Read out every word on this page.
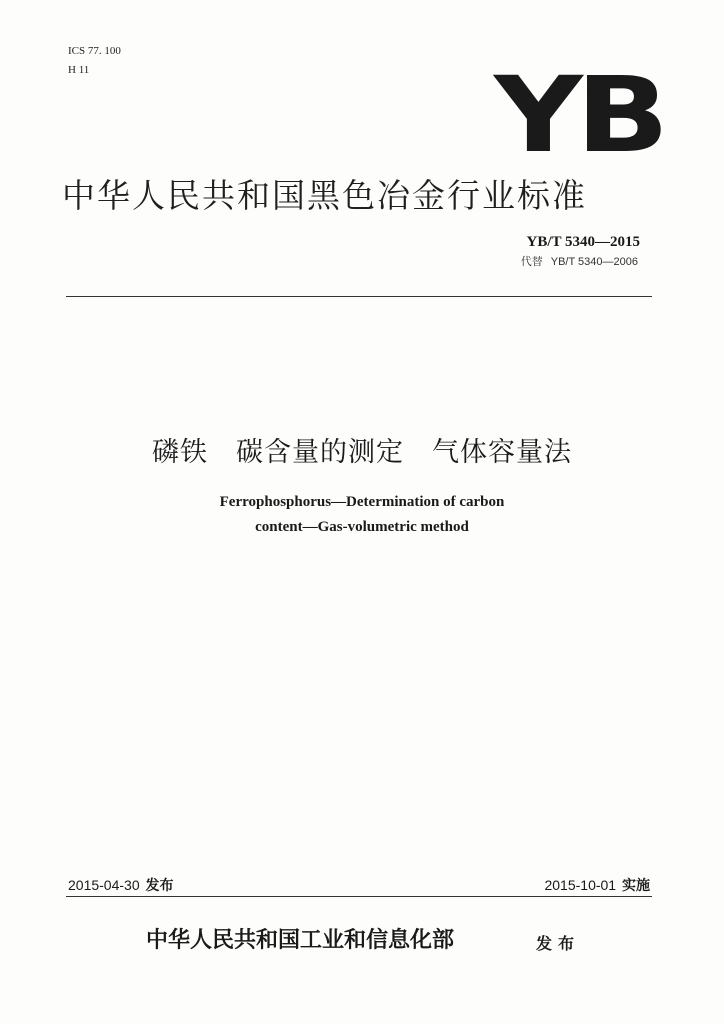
ICS 77. 100
H 11	YB
中华人民共和国黑色冶金行业标准
YB/T 5340—2015
代替 YB/T 5340—2006
磷铁　碳含量的测定　气体容量法
Ferrophosphorus—Determination of carbon
content—Gas-volumetric method
2015-04-30 发布	2015-10-01 实施
中华人民共和国工业和信息化部	发布
